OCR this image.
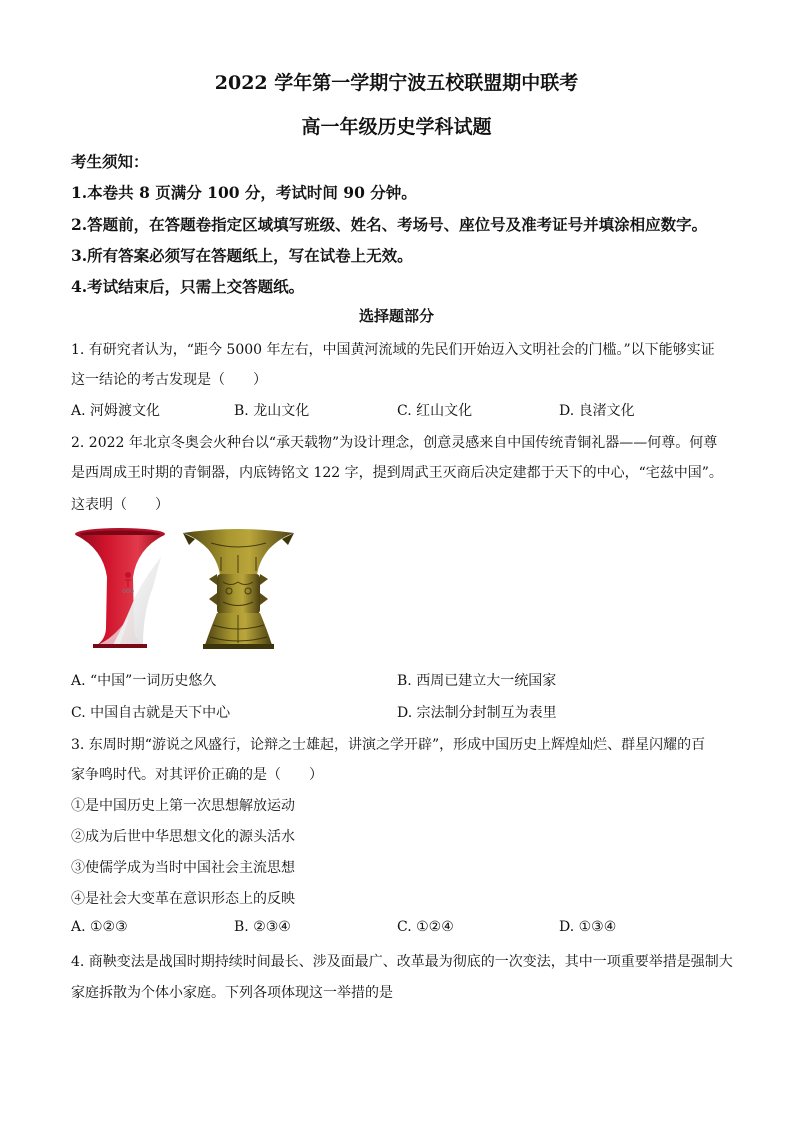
2022 学年第一学期宁波五校联盟期中联考
高一年级历史学科试题
考生须知：
1.本卷共 8 页满分 100 分，考试时间 90 分钟。
2.答题前，在答题卷指定区域填写班级、姓名、考场号、座位号及准考证号并填涂相应数字。
3.所有答案必须写在答题纸上，写在试卷上无效。
4.考试结束后，只需上交答题纸。
选择题部分
1. 有研究者认为，“距今 5000 年左右，中国黄河流域的先民们开始迈入文明社会的门槛。”以下能够实证
这一结论的考古发现是（　　）
A. 河姆渡文化	B. 龙山文化	C. 红山文化	D. 良渚文化
2. 2022 年北京冬奥会火种台以“承天载物”为设计理念，创意灵感来自中国传统青铜礼器——何尊。何尊
是西周成王时期的青铜器，内底铸铭文 122 字，提到周武王灭商后决定建都于天下的中心，“宅兹中国”。
这表明（　　）
A. “中国”一词历史悠久	B. 西周已建立大一统国家
C. 中国自古就是天下中心	D. 宗法制分封制互为表里
3. 东周时期“游说之风盛行，论辩之士雄起，讲演之学开辟”，形成中国历史上辉煌灿烂、群星闪耀的百
家争鸣时代。对其评价正确的是（　　）
①是中国历史上第一次思想解放运动
②成为后世中华思想文化的源头活水
③使儒学成为当时中国社会主流思想
④是社会大变革在意识形态上的反映
A. ①②③	B. ②③④	C. ①②④	D. ①③④
4. 商鞅变法是战国时期持续时间最长、涉及面最广、改革最为彻底的一次变法，其中一项重要举措是强制大
家庭拆散为个体小家庭。下列各项体现这一举措的是
